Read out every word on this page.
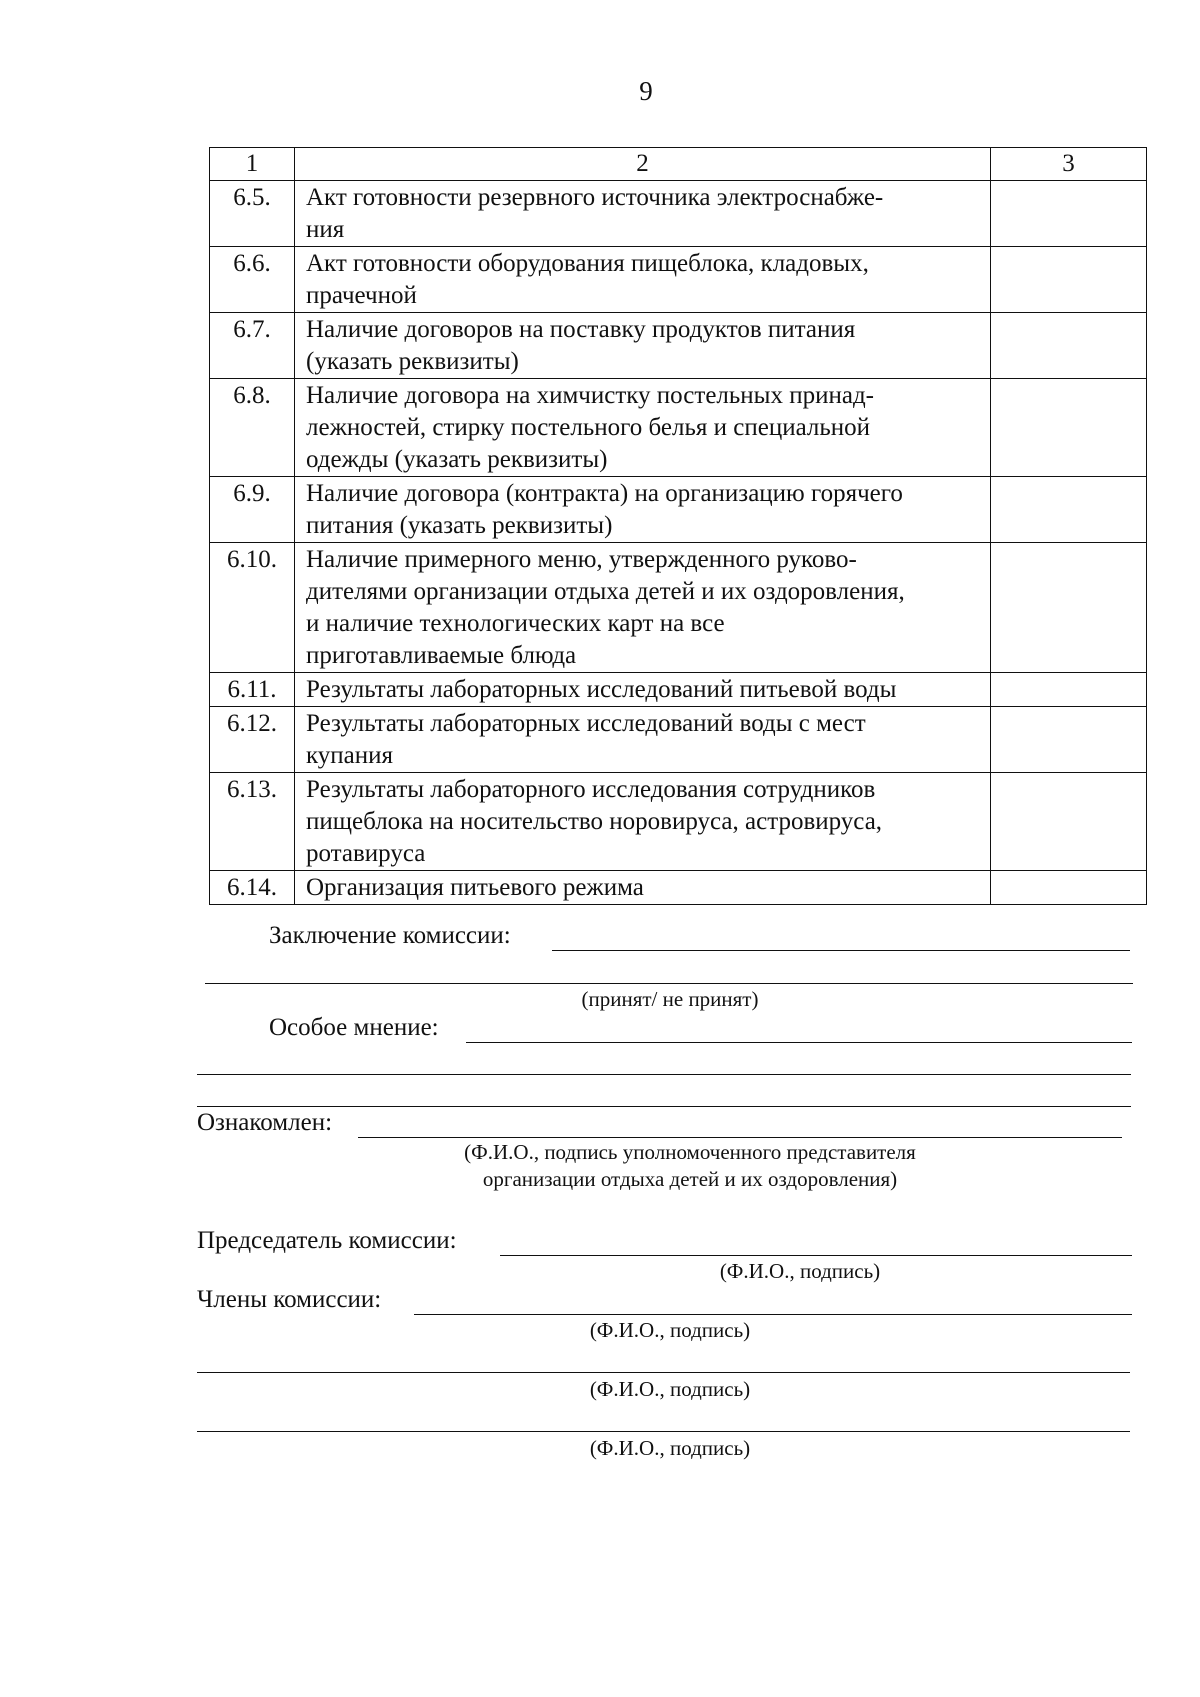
9
1	2	3
6.5.	Акт готовности резервного источника электроснабже-
ния	
6.6.	Акт готовности оборудования пищеблока, кладовых,
прачечной	
6.7.	Наличие договоров на поставку продуктов питания
(указать реквизиты)	
6.8.	Наличие договора на химчистку постельных принад-
лежностей, стирку постельного белья и специальной
одежды (указать реквизиты)	
6.9.	Наличие договора (контракта) на организацию горячего
питания (указать реквизиты)	
6.10.	Наличие примерного меню, утвержденного руково-
дителями организации отдыха детей и их оздоровления,
и наличие технологических карт на все
приготавливаемые блюда	
6.11.	Результаты лабораторных исследований питьевой воды	
6.12.	Результаты лабораторных исследований воды с мест
купания	
6.13.	Результаты лабораторного исследования сотрудников
пищеблока на носительство норовируса, астровируса,
ротавируса	
6.14.	Организация питьевого режима	
Заключение комиссии:
(принят/ не принят)
Особое мнение:
Ознакомлен:
(Ф.И.О., подпись уполномоченного представителя
организации отдыха детей и их оздоровления)
Председатель комиссии:
(Ф.И.О., подпись)
Члены комиссии:
(Ф.И.О., подпись)
(Ф.И.О., подпись)
(Ф.И.О., подпись)
